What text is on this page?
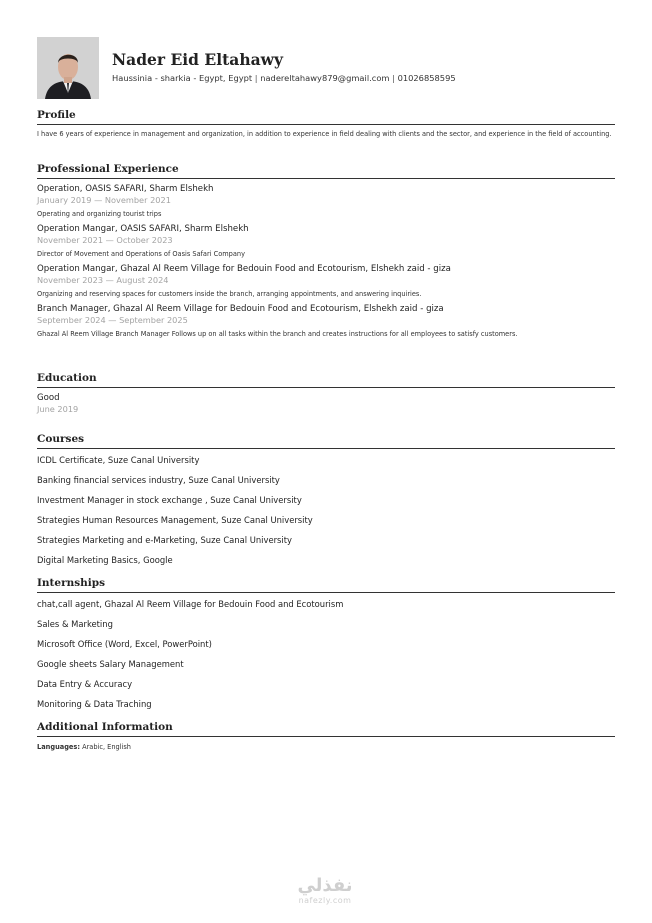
Nader Eid Eltahawy
Haussinia - sharkia - Egypt, Egypt | nadereltahawy879@gmail.com | 01026858595
Profile
I have 6 years of experience in management and organization, in addition to experience in field dealing with clients and the sector, and experience in the field of accounting.
Professional Experience
Operation, OASIS SAFARI, Sharm Elshekh
January 2019 — November 2021
Operating and organizing tourist trips
Operation Mangar, OASIS SAFARI, Sharm Elshekh
November 2021 — October 2023
Director of Movement and Operations of Oasis Safari Company
Operation Mangar, Ghazal Al Reem Village for Bedouin Food and Ecotourism, Elshekh zaid - giza
November 2023 — August 2024
Organizing and reserving spaces for customers inside the branch, arranging appointments, and answering inquiries.
Branch Manager, Ghazal Al Reem Village for Bedouin Food and Ecotourism, Elshekh zaid - giza
September 2024 — September 2025
Ghazal Al Reem Village Branch Manager Follows up on all tasks within the branch and creates instructions for all employees to satisfy customers.
Education
Good
June 2019
Courses
ICDL Certificate, Suze Canal University
Banking financial services industry, Suze Canal University
Investment Manager in stock exchange , Suze Canal University
Strategies Human Resources Management, Suze Canal University
Strategies Marketing and e-Marketing, Suze Canal University
Digital Marketing Basics, Google
Internships
chat,call agent, Ghazal Al Reem Village for Bedouin Food and Ecotourism
Sales & Marketing
Microsoft Office (Word, Excel, PowerPoint)
Google sheets Salary Management
Data Entry & Accuracy
Monitoring & Data Traching
Additional Information
Languages: Arabic, English
نفذلي
nafezly.com
